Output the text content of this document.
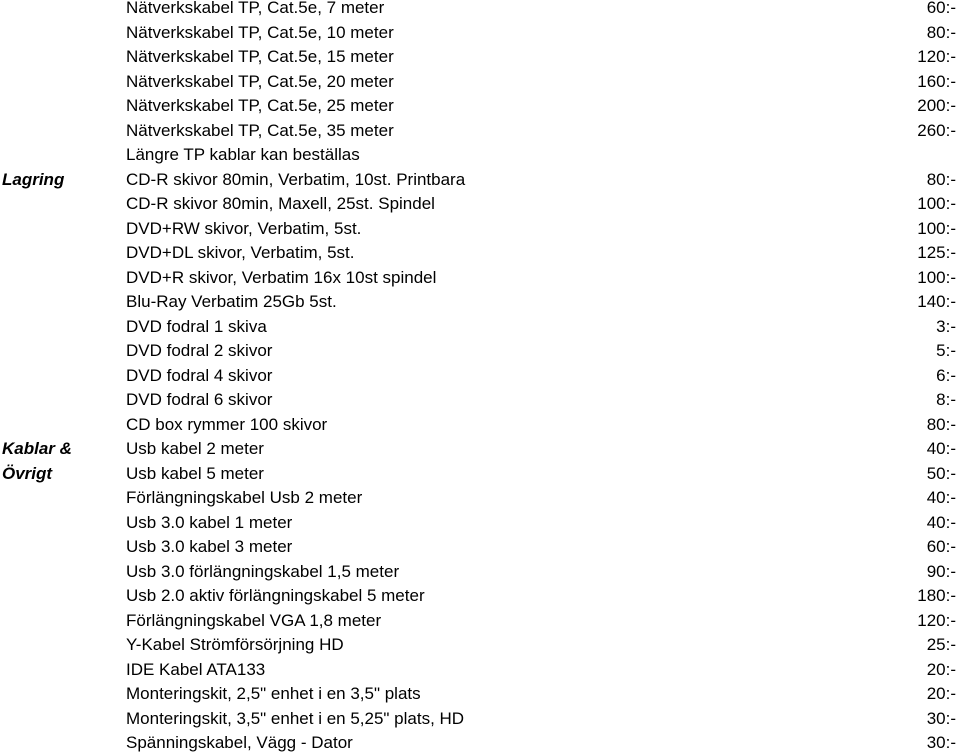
Nätverkskabel TP, Cat.5e, 7 meter	60:-
Nätverkskabel TP, Cat.5e, 10 meter	80:-
Nätverkskabel TP, Cat.5e, 15 meter	120:-
Nätverkskabel TP, Cat.5e, 20 meter	160:-
Nätverkskabel TP, Cat.5e, 25 meter	200:-
Nätverkskabel TP, Cat.5e, 35 meter	260:-
Längre TP kablar kan beställas
Lagring	CD-R skivor 80min, Verbatim, 10st. Printbara	80:-
CD-R skivor 80min, Maxell, 25st. Spindel	100:-
DVD+RW skivor, Verbatim, 5st.	100:-
DVD+DL skivor, Verbatim, 5st.	125:-
DVD+R skivor, Verbatim 16x 10st spindel	100:-
Blu-Ray Verbatim 25Gb 5st.	140:-
DVD fodral 1 skiva	3:-
DVD fodral 2 skivor	5:-
DVD fodral 4 skivor	6:-
DVD fodral 6 skivor	8:-
CD box rymmer 100 skivor	80:-
Kablar &	Usb kabel 2 meter	40:-
Övrigt	Usb kabel 5 meter	50:-
Förlängningskabel Usb 2 meter	40:-
Usb 3.0 kabel 1 meter	40:-
Usb 3.0 kabel 3 meter	60:-
Usb 3.0 förlängningskabel 1,5 meter	90:-
Usb 2.0 aktiv förlängningskabel 5 meter	180:-
Förlängningskabel VGA 1,8 meter	120:-
Y-Kabel Strömförsörjning HD	25:-
IDE Kabel ATA133	20:-
Monteringskit, 2,5" enhet i en 3,5" plats	20:-
Monteringskit, 3,5" enhet i en 5,25" plats, HD	30:-
Spänningskabel, Vägg - Dator	30:-
